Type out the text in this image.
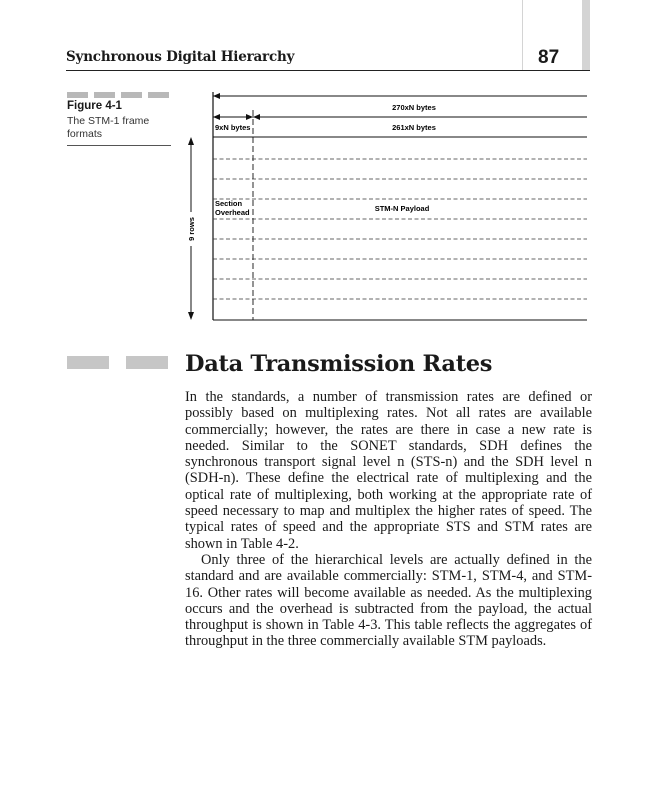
Synchronous Digital Hierarchy	87
Figure 4-1
The STM-1 frame formats
270xN bytes
9xN bytes	261xN bytes
9 rows
Section
Overhead	STM-N Payload
Data Transmission Rates

In the standards, a number of transmission rates are defined or possibly based on multiplexing rates. Not all rates are available commercially; however, the rates are there in case a new rate is needed. Similar to the SONET standards, SDH defines the synchronous transport signal level n (STS-n) and the SDH level n (SDH-n). These define the electrical rate of multiplexing and the optical rate of multiplexing, both working at the appropriate rate of speed necessary to map and multiplex the higher rates of speed. The typical rates of speed and the appropriate STS and STM rates are shown in Table 4-2.

Only three of the hierarchical levels are actually defined in the standard and are available commercially: STM-1, STM-4, and STM-16. Other rates will become available as needed. As the multiplexing occurs and the overhead is subtracted from the payload, the actual throughput is shown in Table 4-3. This table reflects the aggregates of throughput in the three commercially available STM payloads.
